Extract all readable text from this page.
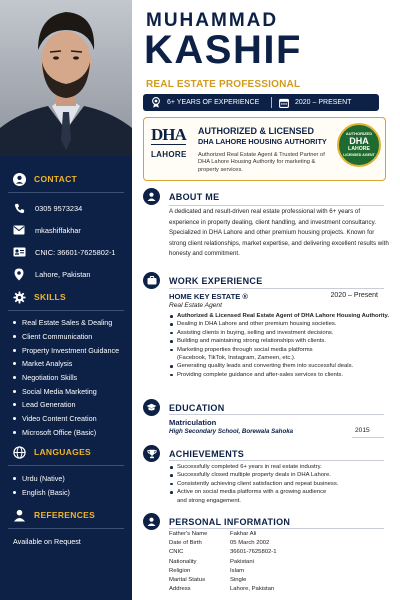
CONTACT
0305 9573234
mkashiffakhar
CNIC: 36601-7625802-1
Lahore, Pakistan
SKILLS
Real Estate Sales & Dealing
Client Communication
Property Investment Guidance
Market Analysis
Negotiation Skills
Social Media Marketing
Lead Generation
Video Content Creation
Microsoft Office (Basic)
LANGUAGES
Urdu (Native)
English (Basic)
REFERENCES
Available on Request
MUHAMMAD
KASHIF
REAL ESTATE PROFESSIONAL
6+ YEARS OF EXPERIENCE	2020 – PRESENT
DHA
LAHORE
AUTHORIZED & LICENSED
DHA LAHORE HOUSING AUTHORITY
Authorized Real Estate Agent & Trusted Partner of DHA Lahore Housing Authority for marketing & property services.
AUTHORIZED
DHA
LAHORE
LICENSED AGENT
ABOUT ME
A dedicated and result-driven real estate professional with 6+ years of experience in property dealing, client handling, and investment consultancy. Specialized in DHA Lahore and other premium housing projects. Known for strong client relationships, market expertise, and delivering excellent results with honesty and commitment.
WORK EXPERIENCE
HOME KEY ESTATE ®	2020 – Present
Real Estate Agent
Authorized & Licensed Real Estate Agent of DHA Lahore Housing Authority.
Dealing in DHA Lahore and other premium housing societies.
Assisting clients in buying, selling and investment decisions.
Building and maintaining strong relationships with clients.
Marketing properties through social media platforms
(Facebook, TikTok, Instagram, Zameen, etc.).
Generating quality leads and converting them into successful deals.
Providing complete guidance and after-sales services to clients.
EDUCATION
Matriculation
High Secondary School, Borewala Sahoka	2015
ACHIEVEMENTS
Successfully completed 6+ years in real estate industry.
Successfully closed multiple property deals in DHA Lahore.
Consistently achieving client satisfaction and repeat business.
Active on social media platforms with a growing audience
and strong engagement.
PERSONAL INFORMATION
Father's Name	Fakhar Ali
Date of Birth	05 March 2002
CNIC	36601-7625802-1
Nationality	Pakistani
Religion	Islam
Marital Status	Single
Address	Lahore, Pakistan
